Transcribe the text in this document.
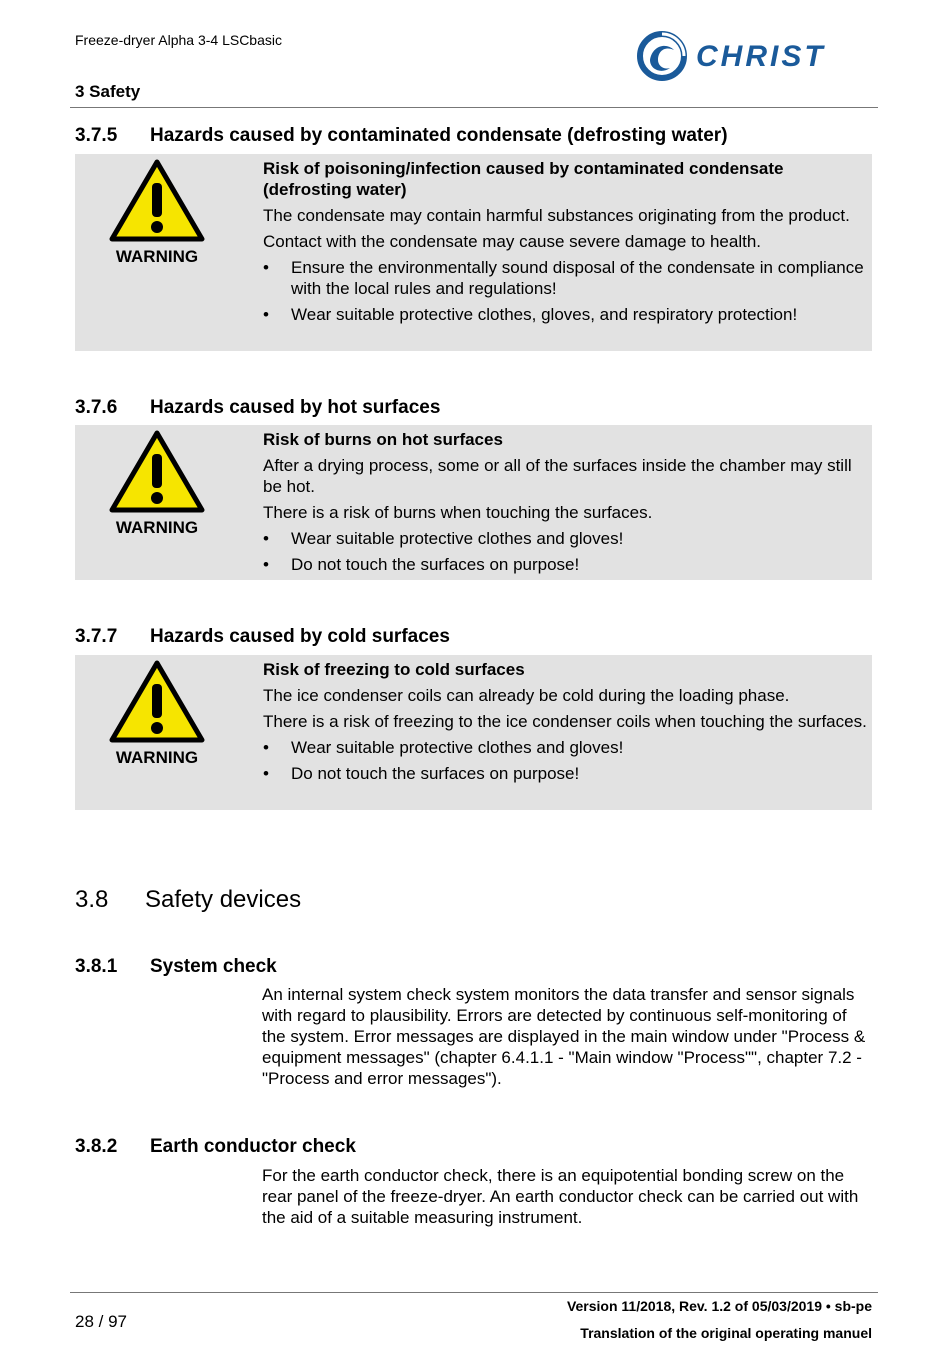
Freeze-dryer Alpha 3-4 LSCbasic
3 Safety
CHRIST
3.7.5 Hazards caused by contaminated condensate (defrosting water)
WARNING

Risk of poisoning/infection caused by contaminated condensate (defrosting water)

The condensate may contain harmful substances originating from the product.

Contact with the condensate may cause severe damage to health.

• Ensure the environmentally sound disposal of the condensate in compliance with the local rules and regulations!
• Wear suitable protective clothes, gloves, and respiratory protection!
3.7.6 Hazards caused by hot surfaces
WARNING

Risk of burns on hot surfaces

After a drying process, some or all of the surfaces inside the chamber may still be hot.

There is a risk of burns when touching the surfaces.

• Wear suitable protective clothes and gloves!
• Do not touch the surfaces on purpose!
3.7.7 Hazards caused by cold surfaces
WARNING

Risk of freezing to cold surfaces

The ice condenser coils can already be cold during the loading phase.

There is a risk of freezing to the ice condenser coils when touching the surfaces.

• Wear suitable protective clothes and gloves!
• Do not touch the surfaces on purpose!
3.8 Safety devices
3.8.1 System check
An internal system check system monitors the data transfer and sensor signals with regard to plausibility. Errors are detected by continuous self-monitoring of the system. Error messages are displayed in the main window under "Process & equipment messages" (chapter 6.4.1.1 - "Main window "Process"", chapter 7.2 - "Process and error messages").
3.8.2 Earth conductor check
For the earth conductor check, there is an equipotential bonding screw on the rear panel of the freeze-dryer. An earth conductor check can be carried out with the aid of a suitable measuring instrument.
28 / 97
Version 11/2018, Rev. 1.2 of 05/03/2019 • sb-pe
Translation of the original operating manuel
